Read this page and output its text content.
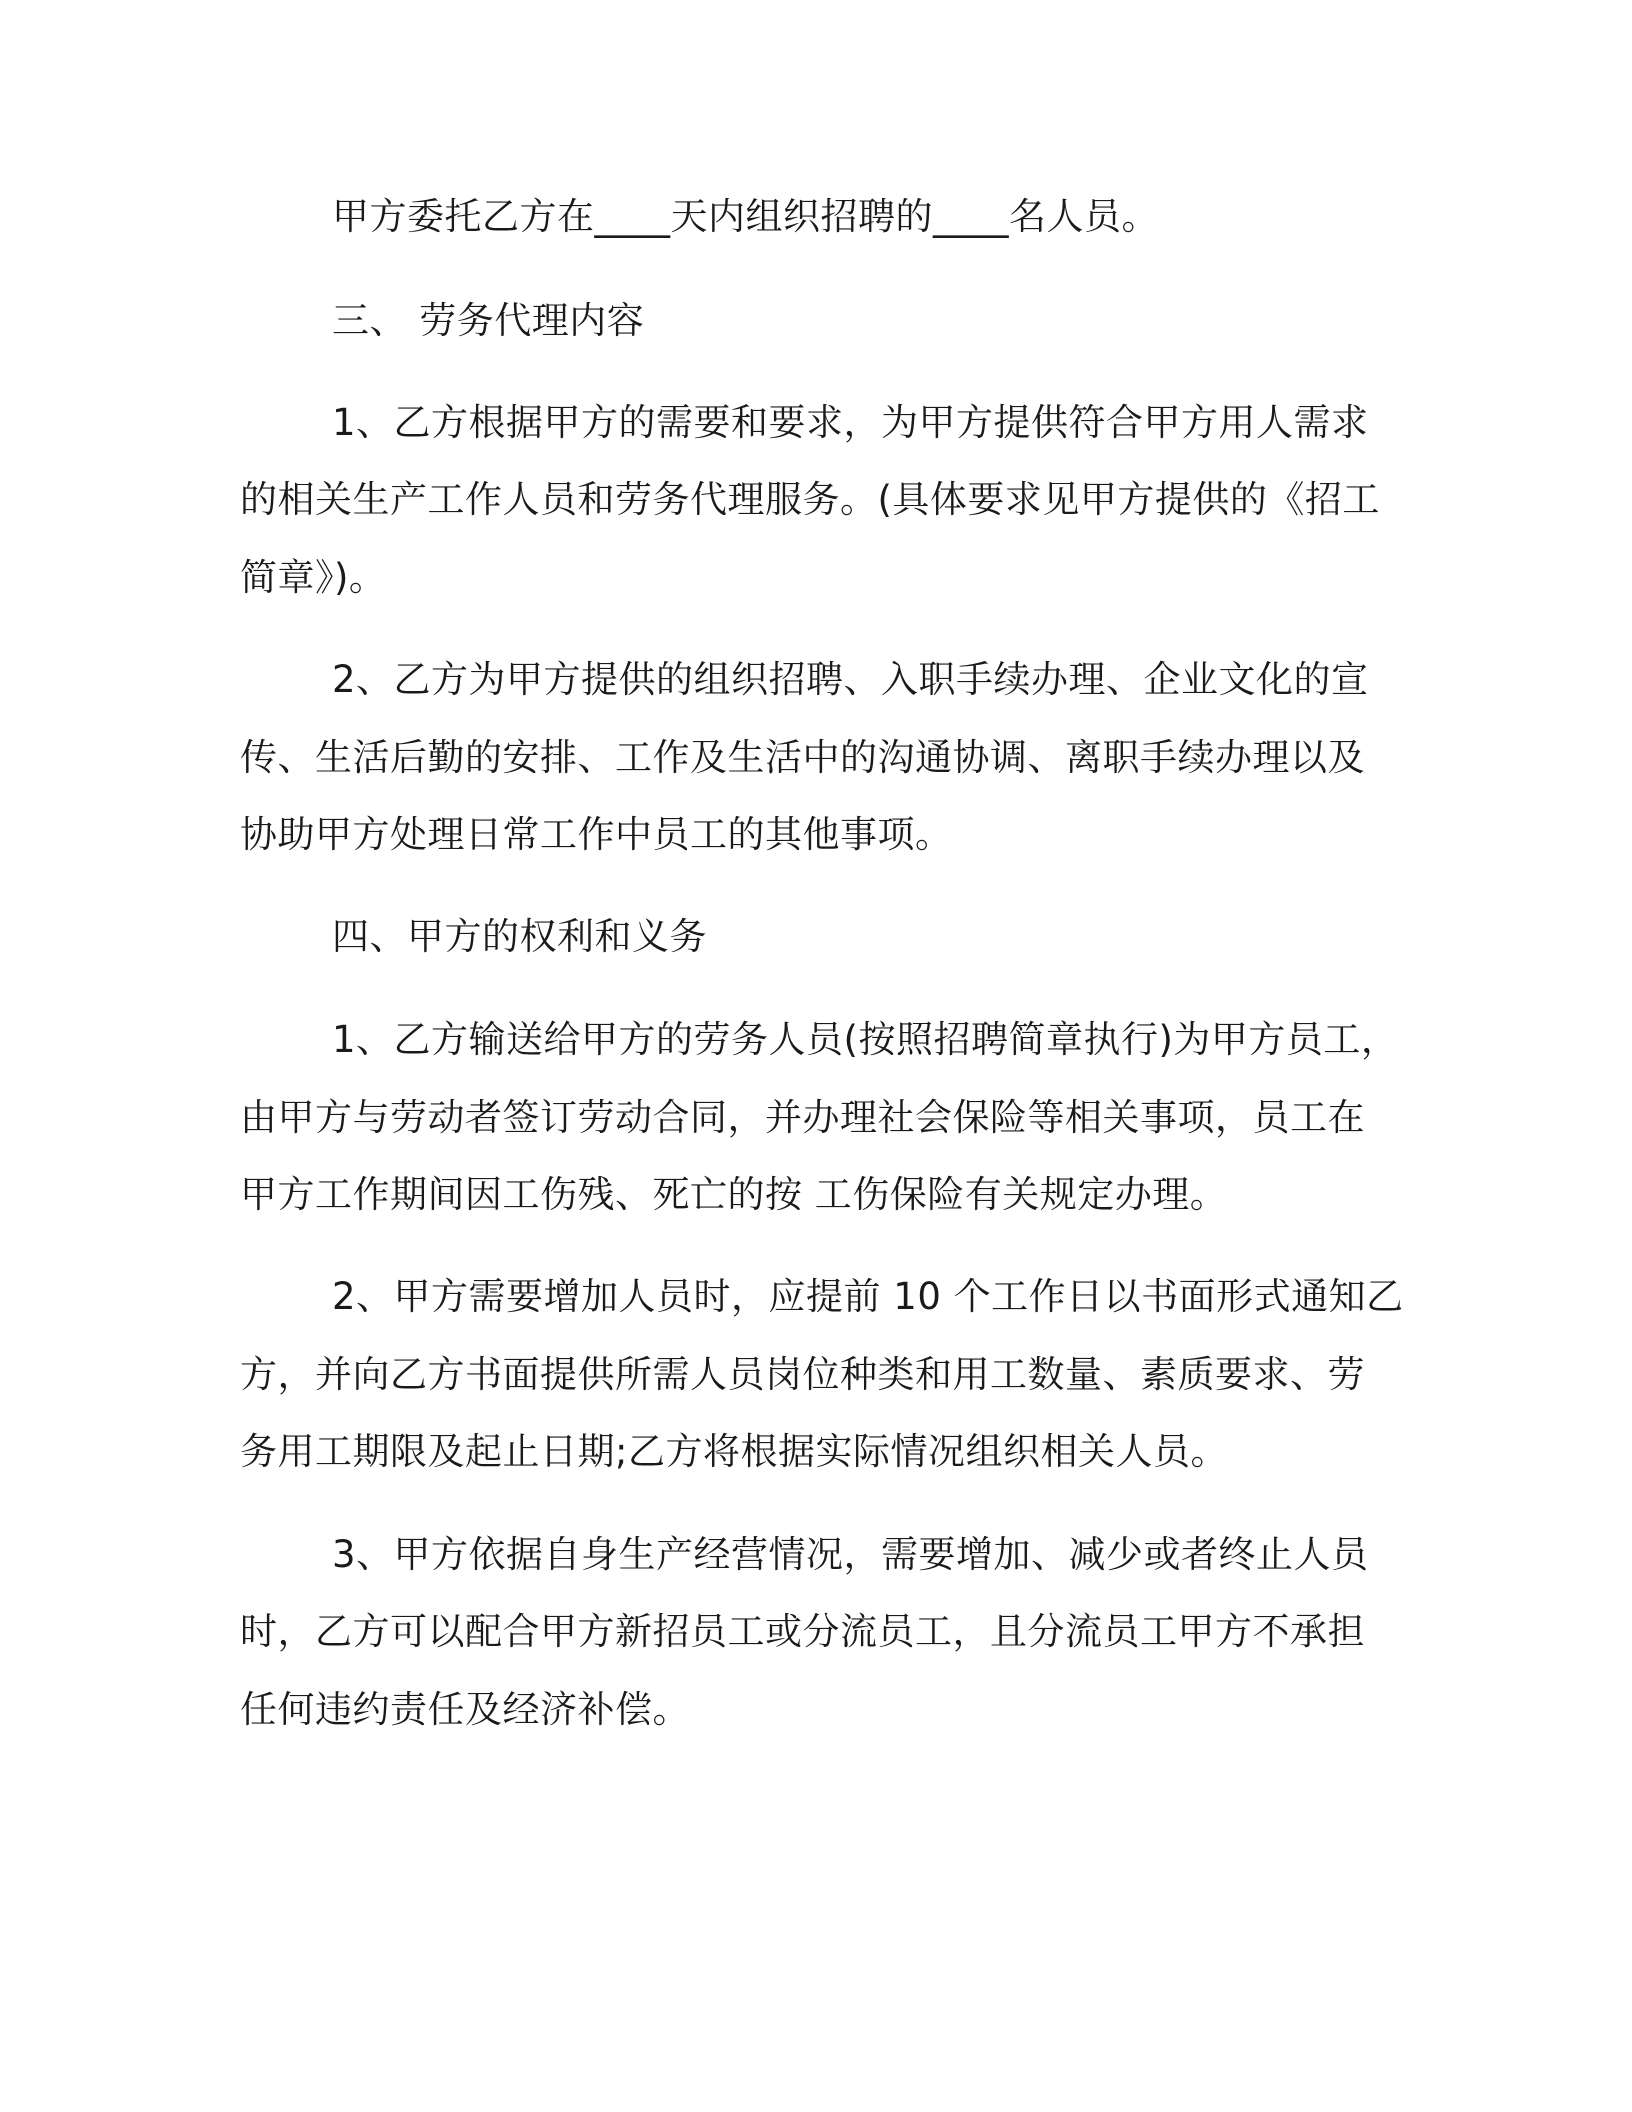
甲方委托乙方在____天内组织招聘的____名人员。
三、 劳务代理内容
1、乙方根据甲方的需要和要求，为甲方提供符合甲方用人需求
的相关生产工作人员和劳务代理服务。(具体要求见甲方提供的《招工
简章》)。
2、乙方为甲方提供的组织招聘、入职手续办理、企业文化的宣
传、生活后勤的安排、工作及生活中的沟通协调、离职手续办理以及
协助甲方处理日常工作中员工的其他事项。
四、甲方的权利和义务
1、乙方输送给甲方的劳务人员(按照招聘简章执行)为甲方员工，
由甲方与劳动者签订劳动合同，并办理社会保险等相关事项，员工在
甲方工作期间因工伤残、死亡的按 工伤保险有关规定办理。
2、甲方需要增加人员时，应提前 10 个工作日以书面形式通知乙
方，并向乙方书面提供所需人员岗位种类和用工数量、素质要求、劳
务用工期限及起止日期;乙方将根据实际情况组织相关人员。
3、甲方依据自身生产经营情况，需要增加、减少或者终止人员
时，乙方可以配合甲方新招员工或分流员工，且分流员工甲方不承担
任何违约责任及经济补偿。
